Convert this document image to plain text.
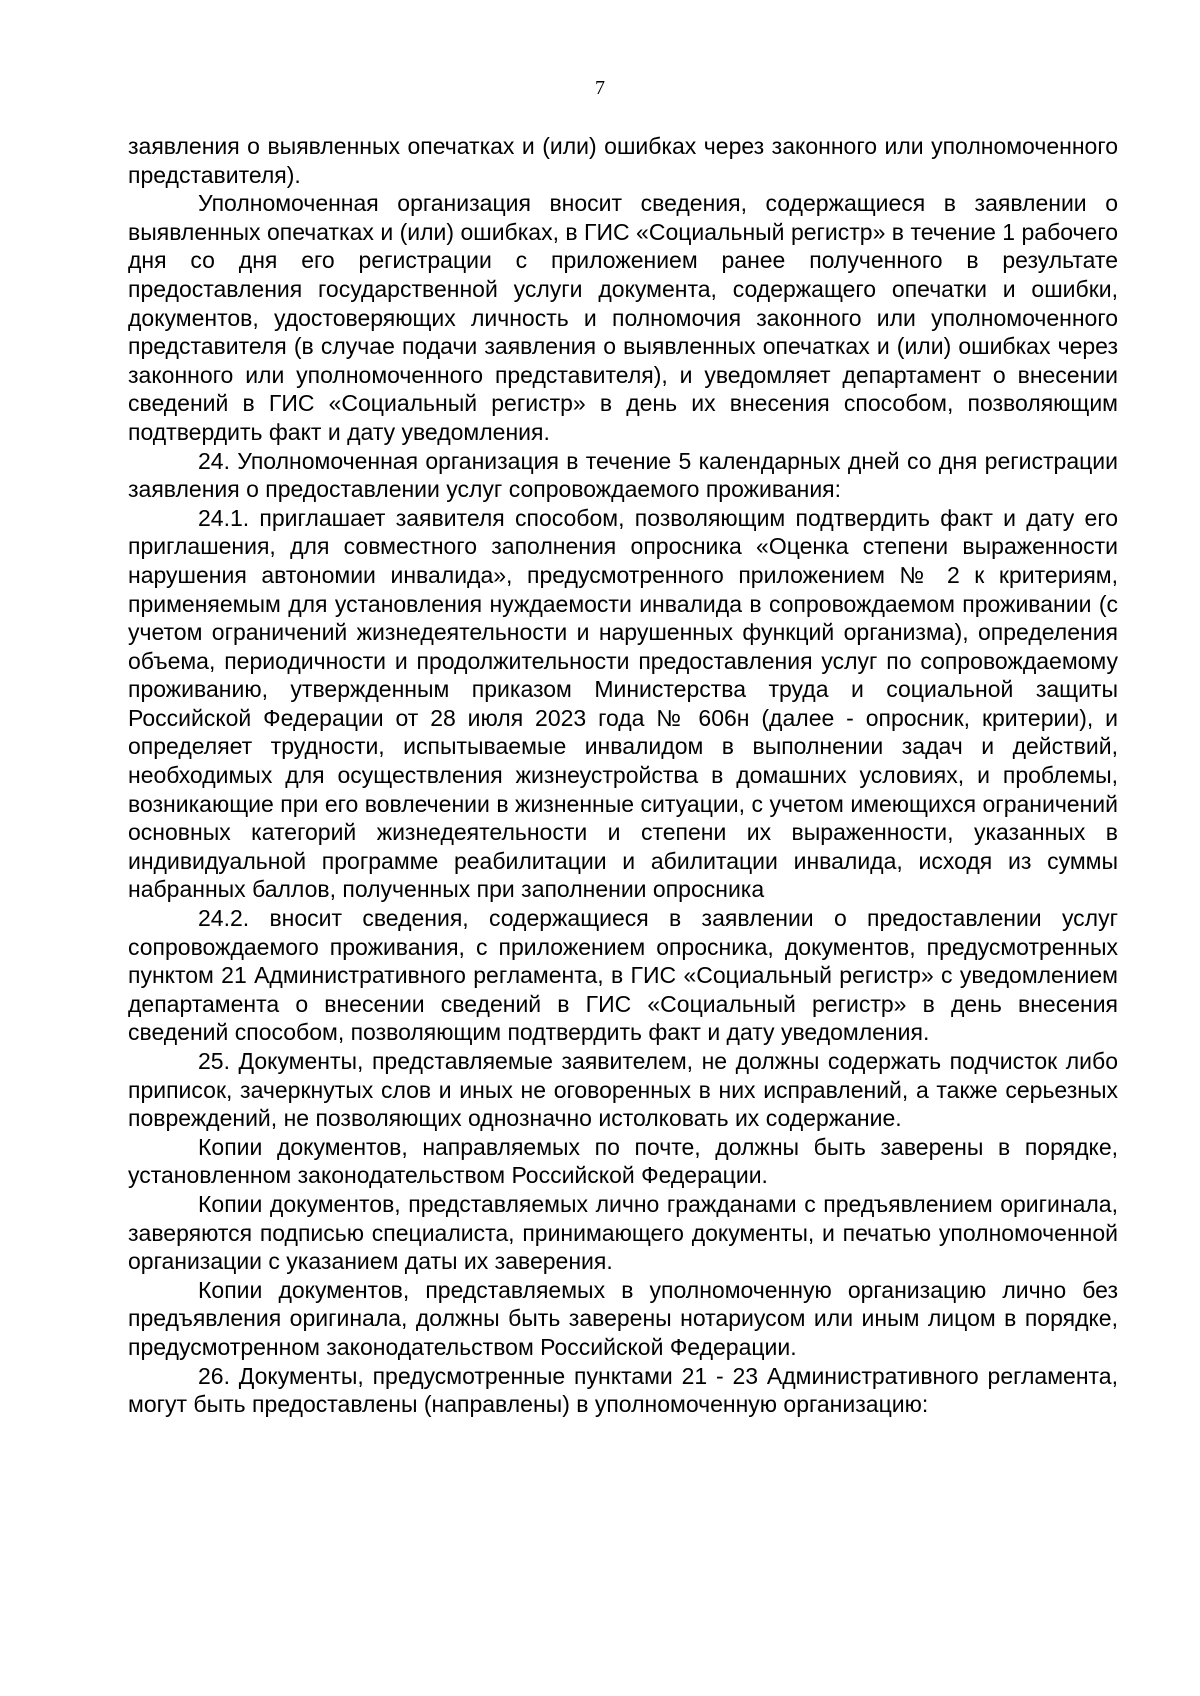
7

заявления о выявленных опечатках и (или) ошибках через законного или уполномоченного представителя).

Уполномоченная организация вносит сведения, содержащиеся в заявлении о выявленных опечатках и (или) ошибках, в ГИС «Социальный регистр» в течение 1 рабочего дня со дня его регистрации с приложением ранее полученного в результате предоставления государственной услуги документа, содержащего опечатки и ошибки, документов, удостоверяющих личность и полномочия законного или уполномоченного представителя (в случае подачи заявления о выявленных опечатках и (или) ошибках через законного или уполномоченного представителя), и уведомляет департамент о внесении сведений в ГИС «Социальный регистр» в день их внесения способом, позволяющим подтвердить факт и дату уведомления.

24. Уполномоченная организация в течение 5 календарных дней со дня регистрации заявления о предоставлении услуг сопровождаемого проживания:

24.1. приглашает заявителя способом, позволяющим подтвердить факт и дату его приглашения, для совместного заполнения опросника «Оценка степени выраженности нарушения автономии инвалида», предусмотренного приложением № 2 к критериям, применяемым для установления нуждаемости инвалида в сопровождаемом проживании (с учетом ограничений жизнедеятельности и нарушенных функций организма), определения объема, периодичности и продолжительности предоставления услуг по сопровождаемому проживанию, утвержденным приказом Министерства труда и социальной защиты Российской Федерации от 28 июля 2023 года № 606н (далее - опросник, критерии), и определяет трудности, испытываемые инвалидом в выполнении задач и действий, необходимых для осуществления жизнеустройства в домашних условиях, и проблемы, возникающие при его вовлечении в жизненные ситуации, с учетом имеющихся ограничений основных категорий жизнедеятельности и степени их выраженности, указанных в индивидуальной программе реабилитации и абилитации инвалида, исходя из суммы набранных баллов, полученных при заполнении опросника

24.2. вносит сведения, содержащиеся в заявлении о предоставлении услуг сопровождаемого проживания, с приложением опросника, документов, предусмотренных пунктом 21 Административного регламента, в ГИС «Социальный регистр» с уведомлением департамента о внесении сведений в ГИС «Социальный регистр» в день внесения сведений способом, позволяющим подтвердить факт и дату уведомления.

25. Документы, представляемые заявителем, не должны содержать подчисток либо приписок, зачеркнутых слов и иных не оговоренных в них исправлений, а также серьезных повреждений, не позволяющих однозначно истолковать их содержание.

Копии документов, направляемых по почте, должны быть заверены в порядке, установленном законодательством Российской Федерации.

Копии документов, представляемых лично гражданами с предъявлением оригинала, заверяются подписью специалиста, принимающего документы, и печатью уполномоченной организации с указанием даты их заверения.

Копии документов, представляемых в уполномоченную организацию лично без предъявления оригинала, должны быть заверены нотариусом или иным лицом в порядке, предусмотренном законодательством Российской Федерации.

26. Документы, предусмотренные пунктами 21 - 23 Административного регламента, могут быть предоставлены (направлены) в уполномоченную организацию:
